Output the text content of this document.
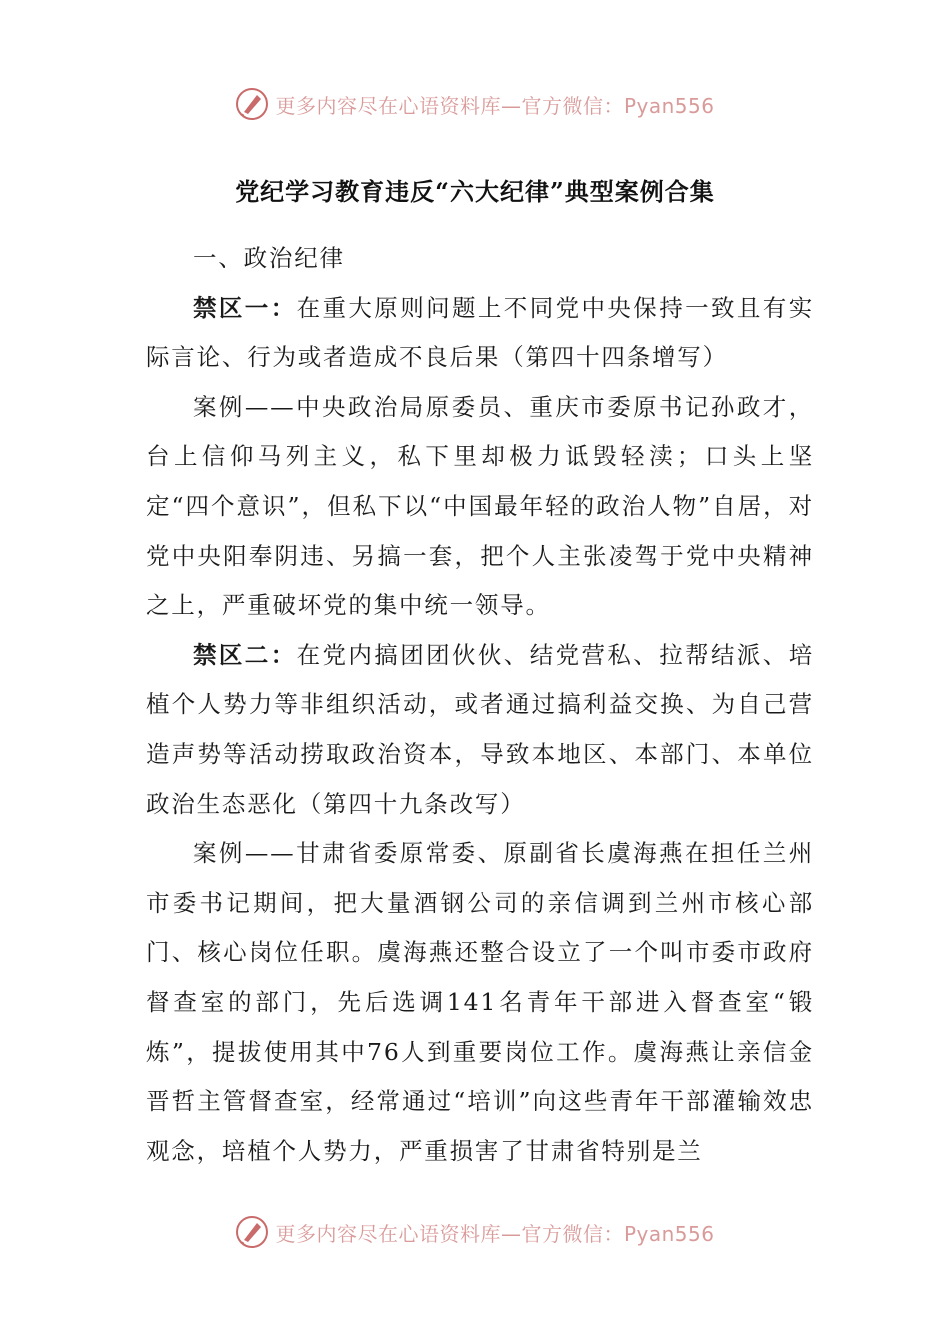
更多内容尽在心语资料库—官方微信：Pyan556
党纪学习教育违反“六大纪律”典型案例合集

一、政治纪律

禁区一：在重大原则问题上不同党中央保持一致且有实际言论、行为或者造成不良后果（第四十四条增写）

案例——中央政治局原委员、重庆市委原书记孙政才，台上信仰马列主义，私下里却极力诋毁轻渎；口头上坚定“四个意识”，但私下以“中国最年轻的政治人物”自居，对党中央阳奉阴违、另搞一套，把个人主张凌驾于党中央精神之上，严重破坏党的集中统一领导。

禁区二：在党内搞团团伙伙、结党营私、拉帮结派、培植个人势力等非组织活动，或者通过搞利益交换、为自己营造声势等活动捞取政治资本，导致本地区、本部门、本单位政治生态恶化（第四十九条改写）

案例——甘肃省委原常委、原副省长虞海燕在担任兰州市委书记期间，把大量酒钢公司的亲信调到兰州市核心部门、核心岗位任职。虞海燕还整合设立了一个叫市委市政府督查室的部门，先后选调141名青年干部进入督查室“锻炼”，提拔使用其中76人到重要岗位工作。虞海燕让亲信金晋哲主管督查室，经常通过“培训”向这些青年干部灌输效忠观念，培植个人势力，严重损害了甘肃省特别是兰

更多内容尽在心语资料库—官方微信：Pyan556
